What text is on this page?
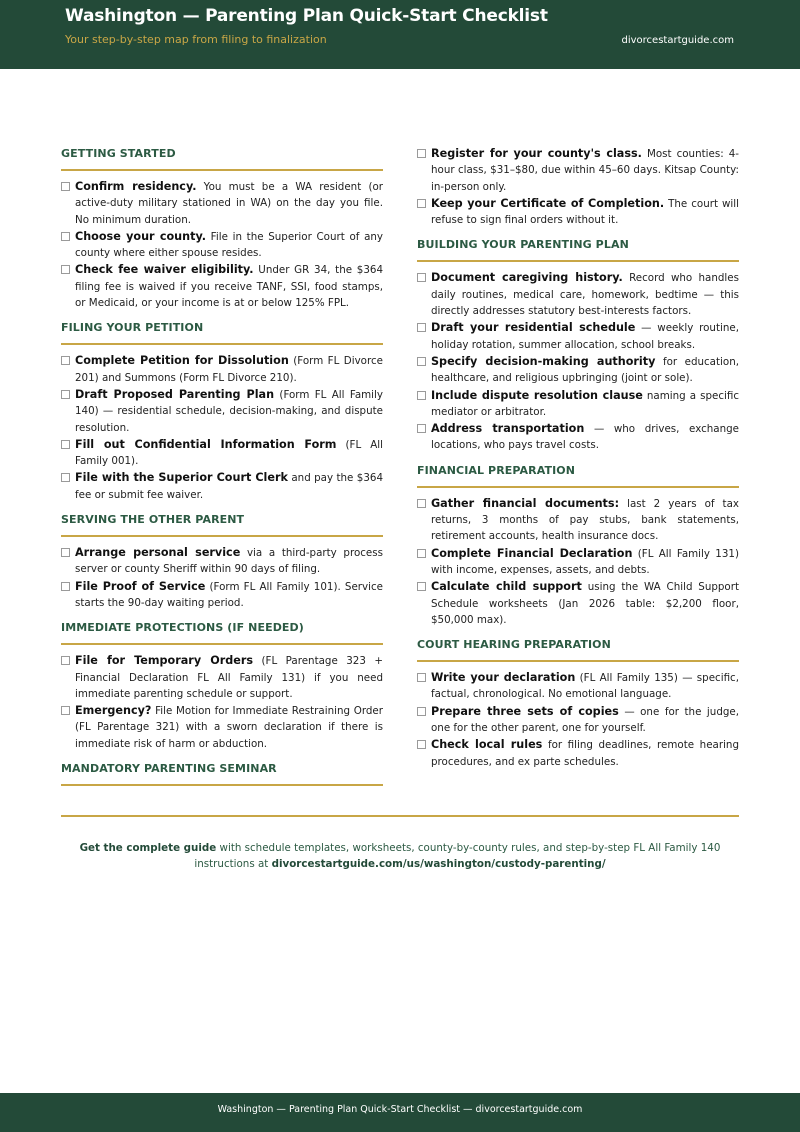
Washington — Parenting Plan Quick-Start Checklist
Your step-by-step map from filing to finalization	divorcestartguide.com
GETTING STARTED
Confirm residency. You must be a WA resident (or active-duty military stationed in WA) on the day you file. No minimum duration.
Choose your county. File in the Superior Court of any county where either spouse resides.
Check fee waiver eligibility. Under GR 34, the $364 filing fee is waived if you receive TANF, SSI, food stamps, or Medicaid, or your income is at or below 125% FPL.
FILING YOUR PETITION
Complete Petition for Dissolution (Form FL Divorce 201) and Summons (Form FL Divorce 210).
Draft Proposed Parenting Plan (Form FL All Family 140) — residential schedule, decision-making, and dispute resolution.
Fill out Confidential Information Form (FL All Family 001).
File with the Superior Court Clerk and pay the $364 fee or submit fee waiver.
SERVING THE OTHER PARENT
Arrange personal service via a third-party process server or county Sheriff within 90 days of filing.
File Proof of Service (Form FL All Family 101). Service starts the 90-day waiting period.
IMMEDIATE PROTECTIONS (IF NEEDED)
File for Temporary Orders (FL Parentage 323 + Financial Declaration FL All Family 131) if you need immediate parenting schedule or support.
Emergency? File Motion for Immediate Restraining Order (FL Parentage 321) with a sworn declaration if there is immediate risk of harm or abduction.
MANDATORY PARENTING SEMINAR
Register for your county's class. Most counties: 4-hour class, $31–$80, due within 45–60 days. Kitsap County: in-person only.
Keep your Certificate of Completion. The court will refuse to sign final orders without it.
BUILDING YOUR PARENTING PLAN
Document caregiving history. Record who handles daily routines, medical care, homework, bedtime — this directly addresses statutory best-interests factors.
Draft your residential schedule — weekly routine, holiday rotation, summer allocation, school breaks.
Specify decision-making authority for education, healthcare, and religious upbringing (joint or sole).
Include dispute resolution clause naming a specific mediator or arbitrator.
Address transportation — who drives, exchange locations, who pays travel costs.
FINANCIAL PREPARATION
Gather financial documents: last 2 years of tax returns, 3 months of pay stubs, bank statements, retirement accounts, health insurance docs.
Complete Financial Declaration (FL All Family 131) with income, expenses, assets, and debts.
Calculate child support using the WA Child Support Schedule worksheets (Jan 2026 table: $2,200 floor, $50,000 max).
COURT HEARING PREPARATION
Write your declaration (FL All Family 135) — specific, factual, chronological. No emotional language.
Prepare three sets of copies — one for the judge, one for the other parent, one for yourself.
Check local rules for filing deadlines, remote hearing procedures, and ex parte schedules.
Get the complete guide with schedule templates, worksheets, county-by-county rules, and step-by-step FL All Family 140 instructions at divorcestartguide.com/us/washington/custody-parenting/
Washington — Parenting Plan Quick-Start Checklist — divorcestartguide.com
